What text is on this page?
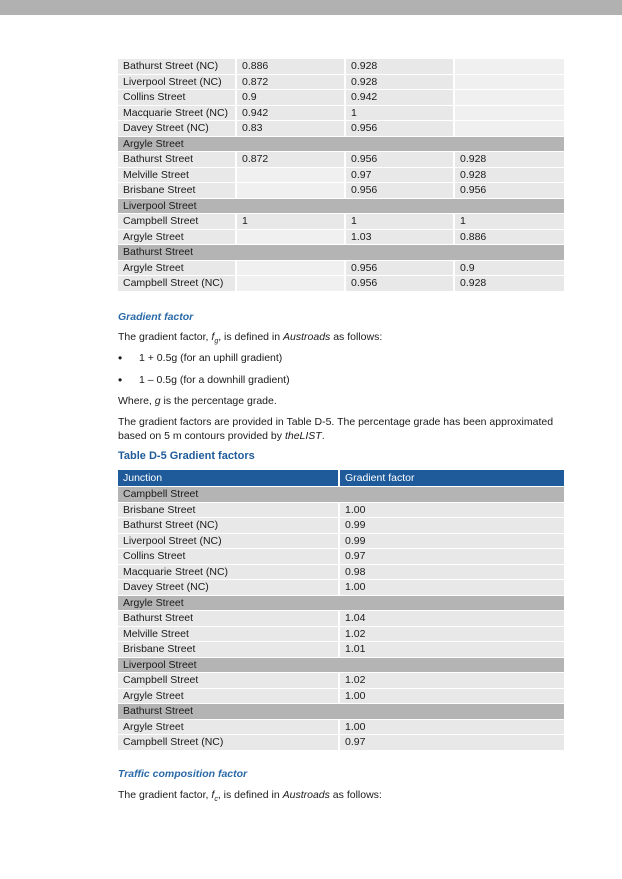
Bathurst Street (NC)	0.886	0.928	
Liverpool Street (NC)	0.872	0.928	
Collins Street	0.9	0.942	
Macquarie Street (NC)	0.942	1	
Davey Street (NC)	0.83	0.956	
Argyle Street			
Bathurst Street	0.872	0.956	0.928
Melville Street		0.97	0.928
Brisbane Street		0.956	0.956
Liverpool Street			
Campbell Street	1	1	1
Argyle Street		1.03	0.886
Bathurst Street			
Argyle Street		0.956	0.9
Campbell Street (NC)		0.956	0.928
Gradient factor
The gradient factor, $f_g$, is defined in Austroads as follows:
• 1 + 0.5g (for an uphill gradient)
• 1 – 0.5g (for a downhill gradient)
Where, g is the percentage grade.
The gradient factors are provided in Table D-5. The percentage grade has been approximated
based on 5 m contours provided by theLIST.
Table D-5 Gradient factors
Junction	Gradient factor
Campbell Street	
Brisbane Street	1.00
Bathurst Street (NC)	0.99
Liverpool Street (NC)	0.99
Collins Street	0.97
Macquarie Street (NC)	0.98
Davey Street (NC)	1.00
Argyle Street	
Bathurst Street	1.04
Melville Street	1.02
Brisbane Street	1.01
Liverpool Street	
Campbell Street	1.02
Argyle Street	1.00
Bathurst Street	
Argyle Street	1.00
Campbell Street (NC)	0.97
Traffic composition factor
The gradient factor, $f_c$, is defined in Austroads as follows:
